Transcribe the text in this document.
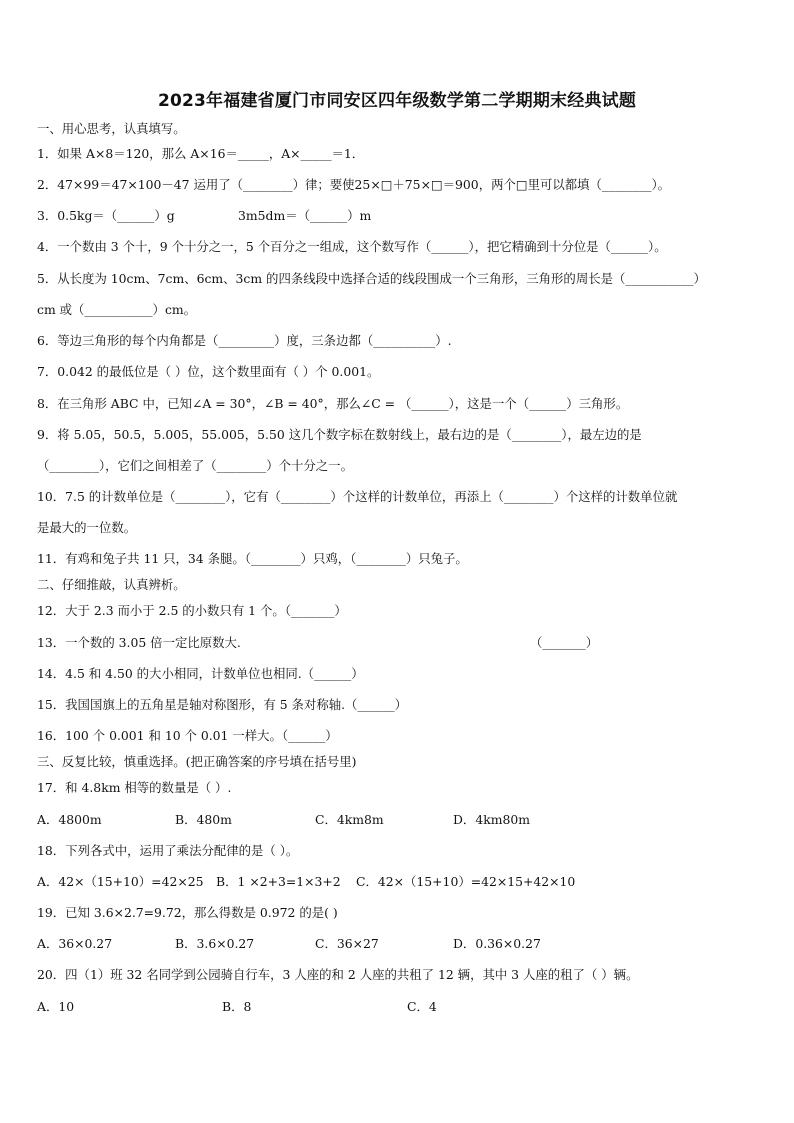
2023年福建省厦门市同安区四年级数学第二学期期末经典试题
一、用心思考，认真填写。
1．如果 A×8＝120，那么 A×16＝_____，A×_____＝1．
2．47×99＝47×100－47 运用了（________）律；要使25×□＋75×□＝900，两个□里可以都填（________）。
3．0.5kg＝（______）g	3m5dm＝（______）m
4．一个数由 3 个十，9 个十分之一，5 个百分之一组成，这个数写作（______），把它精确到十分位是（______）。
5．从长度为 10cm、7cm、6cm、3cm 的四条线段中选择合适的线段围成一个三角形，三角形的周长是（___________）
cm 或（___________）cm。
6．等边三角形的每个内角都是（_________）度，三条边都（__________）.
7．0.042 的最低位是（ ）位，这个数里面有（ ）个 0.001。
8．在三角形 ABC 中，已知∠A = 30°，∠B = 40°，那么∠C = （______），这是一个（______）三角形。
9．将 5.05，50.5，5.005，55.005，5.50 这几个数字标在数射线上，最右边的是（________），最左边的是
（________），它们之间相差了（________）个十分之一。
10．7.5 的计数单位是（________），它有（________）个这样的计数单位，再添上（________）个这样的计数单位就
是最大的一位数。
11．有鸡和兔子共 11 只，34 条腿。（________）只鸡，（________）只兔子。
二、仔细推敲，认真辨析。
12．大于 2.3 而小于 2.5 的小数只有 1 个。（_______）
13．一个数的 3.05 倍一定比原数大.	（_______）
14．4.5 和 4.50 的大小相同，计数单位也相同.（______）
15．我国国旗上的五角星是轴对称图形，有 5 条对称轴.（______）
16．100 个 0.001 和 10 个 0.01 一样大。（______）
三、反复比较，慎重选择。(把正确答案的序号填在括号里)
17．和 4.8km 相等的数量是（ ）.
A．4800m	B．480m	C．4km8m	D．4km80m
18．下列各式中，运用了乘法分配律的是（ ）。
A．42×（15+10）=42×25 B．1 ×2+3=1×3+2 C．42×（15+10）=42×15+42×10
19．已知 3.6×2.7=9.72，那么得数是 0.972 的是( )
A．36×0.27	B．3.6×0.27	C．36×27	D．0.36×0.27
20．四（1）班 32 名同学到公园骑自行车，3 人座的和 2 人座的共租了 12 辆，其中 3 人座的租了（ ）辆。
A．10	B．8	C．4
